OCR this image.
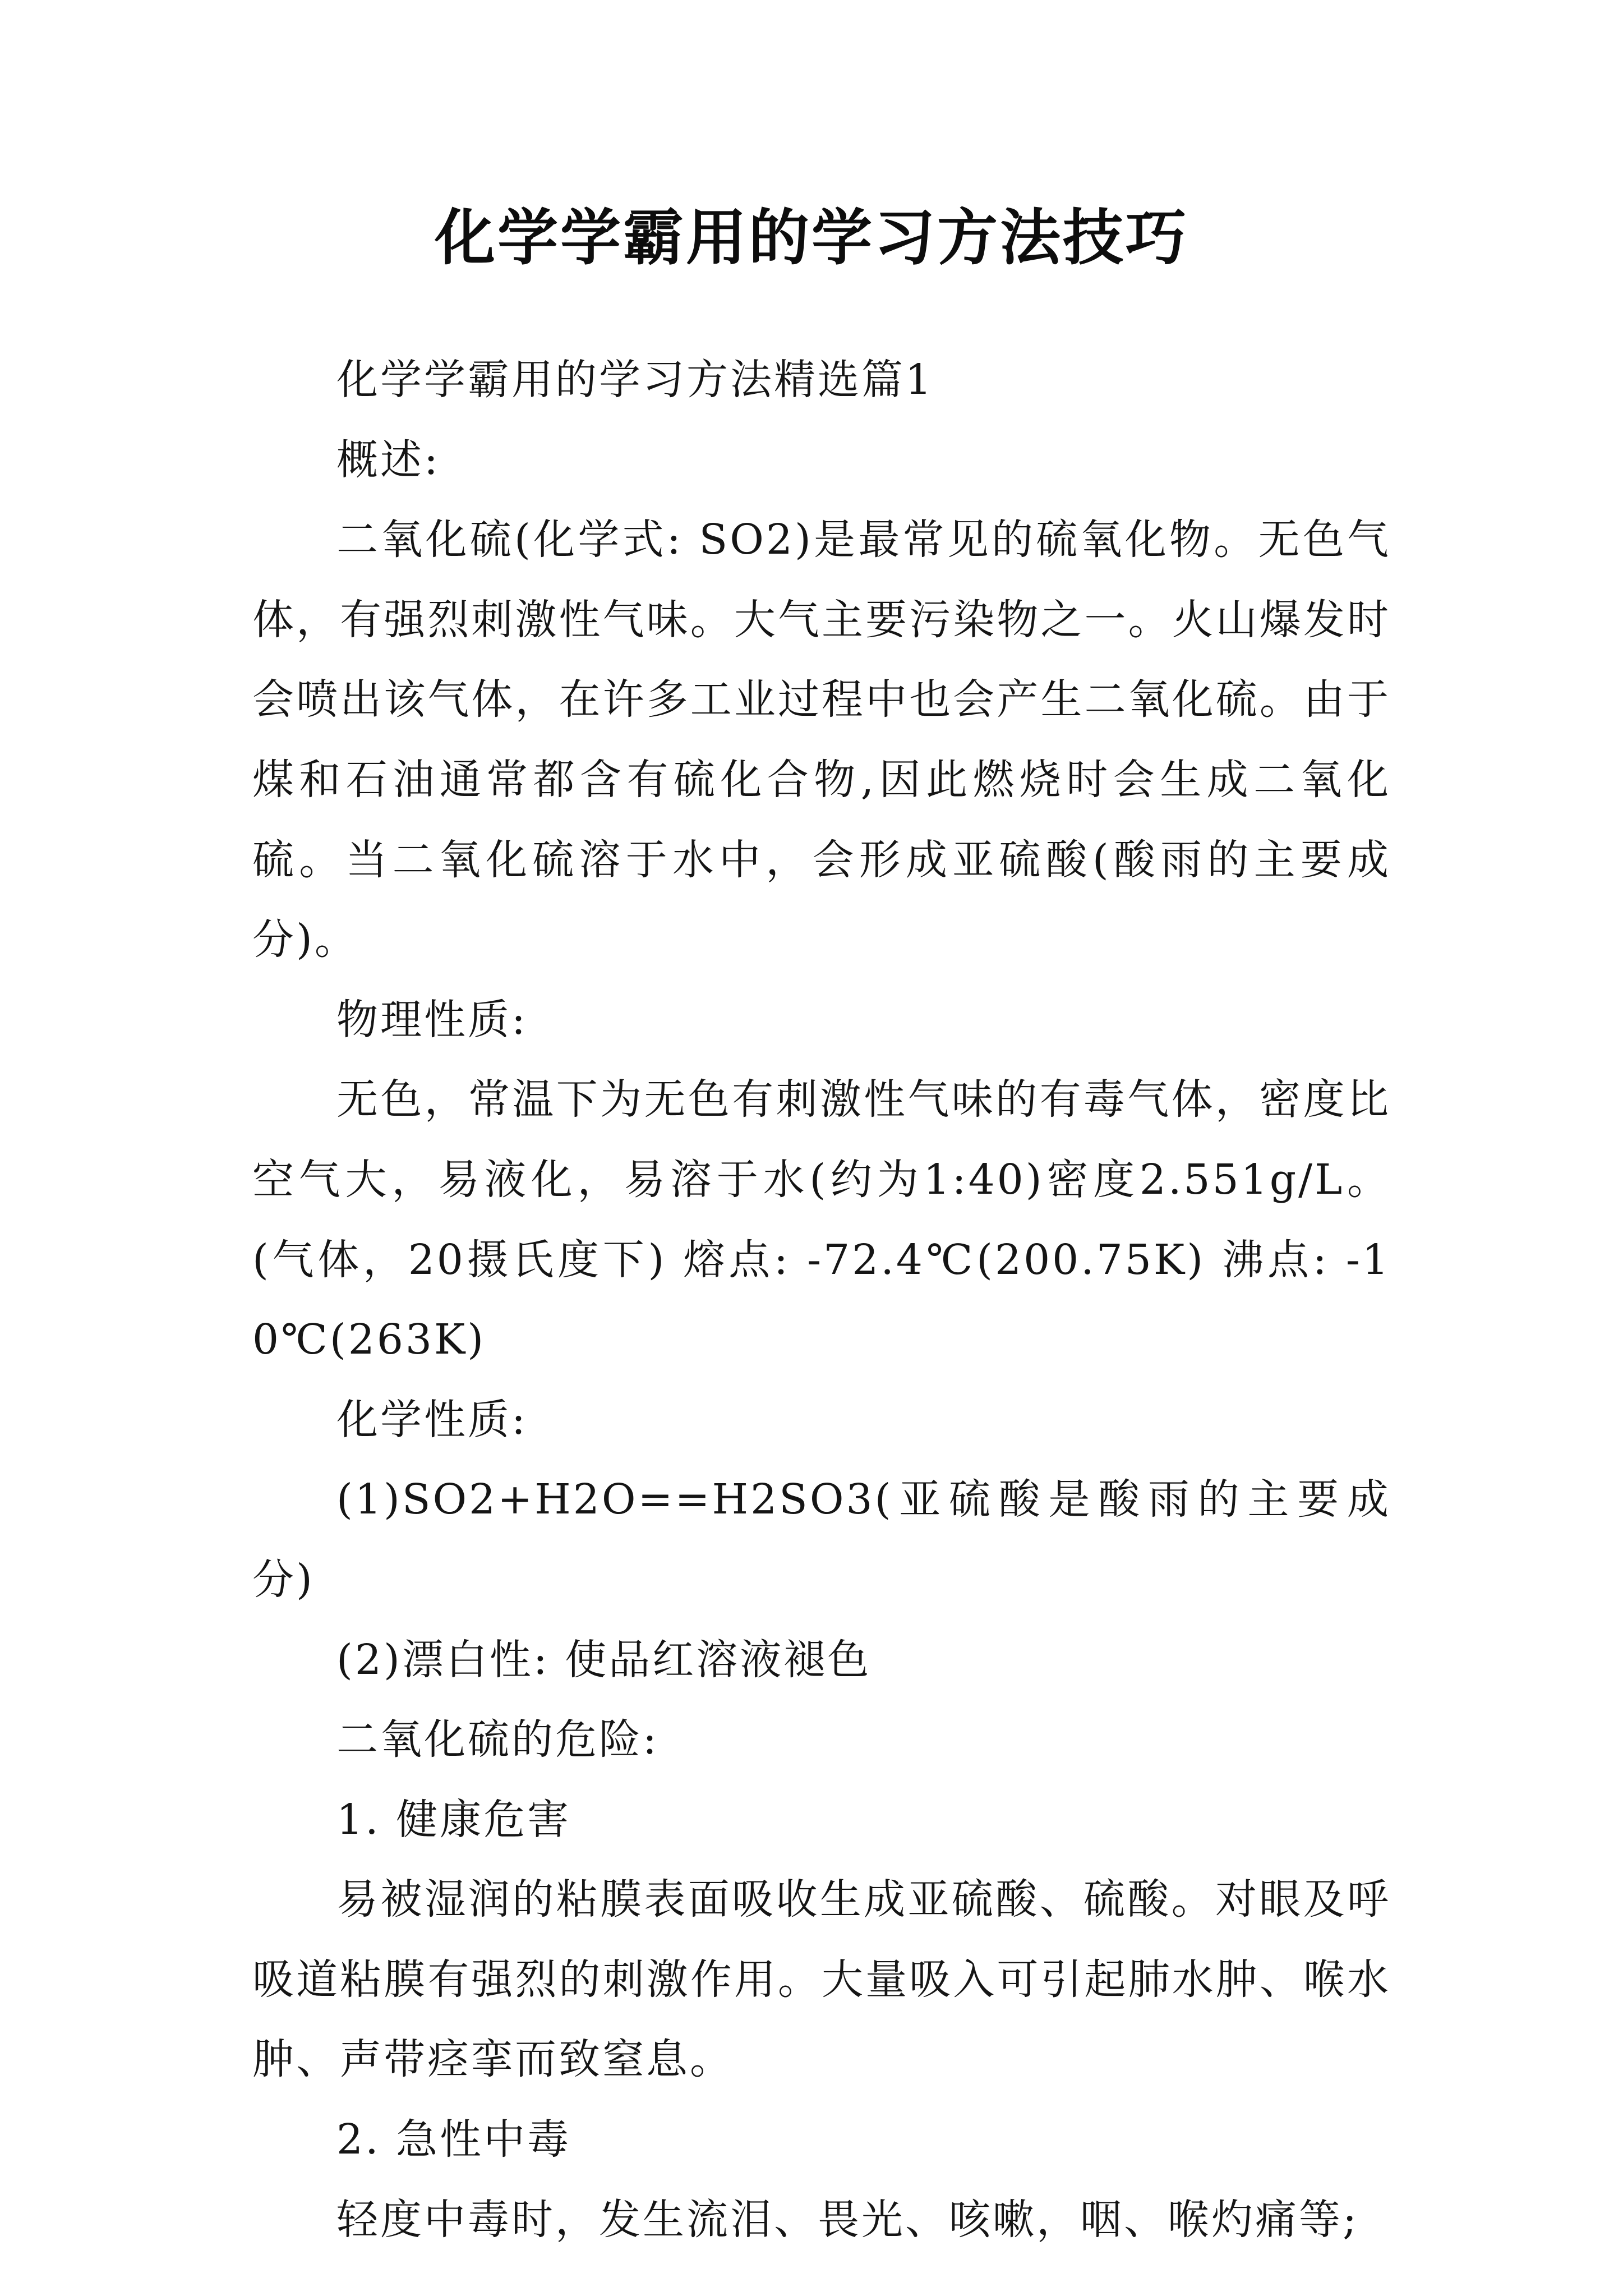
化学学霸用的学习方法技巧

化学学霸用的学习方法精选篇1

概述:

二氧化硫(化学式: SO2)是最常见的硫氧化物。无色气体，有强烈刺激性气味。大气主要污染物之一。火山爆发时会喷出该气体，在许多工业过程中也会产生二氧化硫。由于煤和石油通常都含有硫化合物,因此燃烧时会生成二氧化硫。当二氧化硫溶于水中，会形成亚硫酸(酸雨的主要成分)。

物理性质:

无色，常温下为无色有刺激性气味的有毒气体，密度比空气大，易液化，易溶于水(约为1:40)密度2.551g/L。(气体，20摄氏度下) 熔点: -72.4℃(200.75K) 沸点: -10℃(263K)

化学性质:

(1)SO2+H2O==H2SO3(亚硫酸是酸雨的主要成分)

(2)漂白性: 使品红溶液褪色

二氧化硫的危险:

1. 健康危害

易被湿润的粘膜表面吸收生成亚硫酸、硫酸。对眼及呼吸道粘膜有强烈的刺激作用。大量吸入可引起肺水肿、喉水肿、声带痉挛而致窒息。

2. 急性中毒

轻度中毒时，发生流泪、畏光、咳嗽，咽、喉灼痛等;
